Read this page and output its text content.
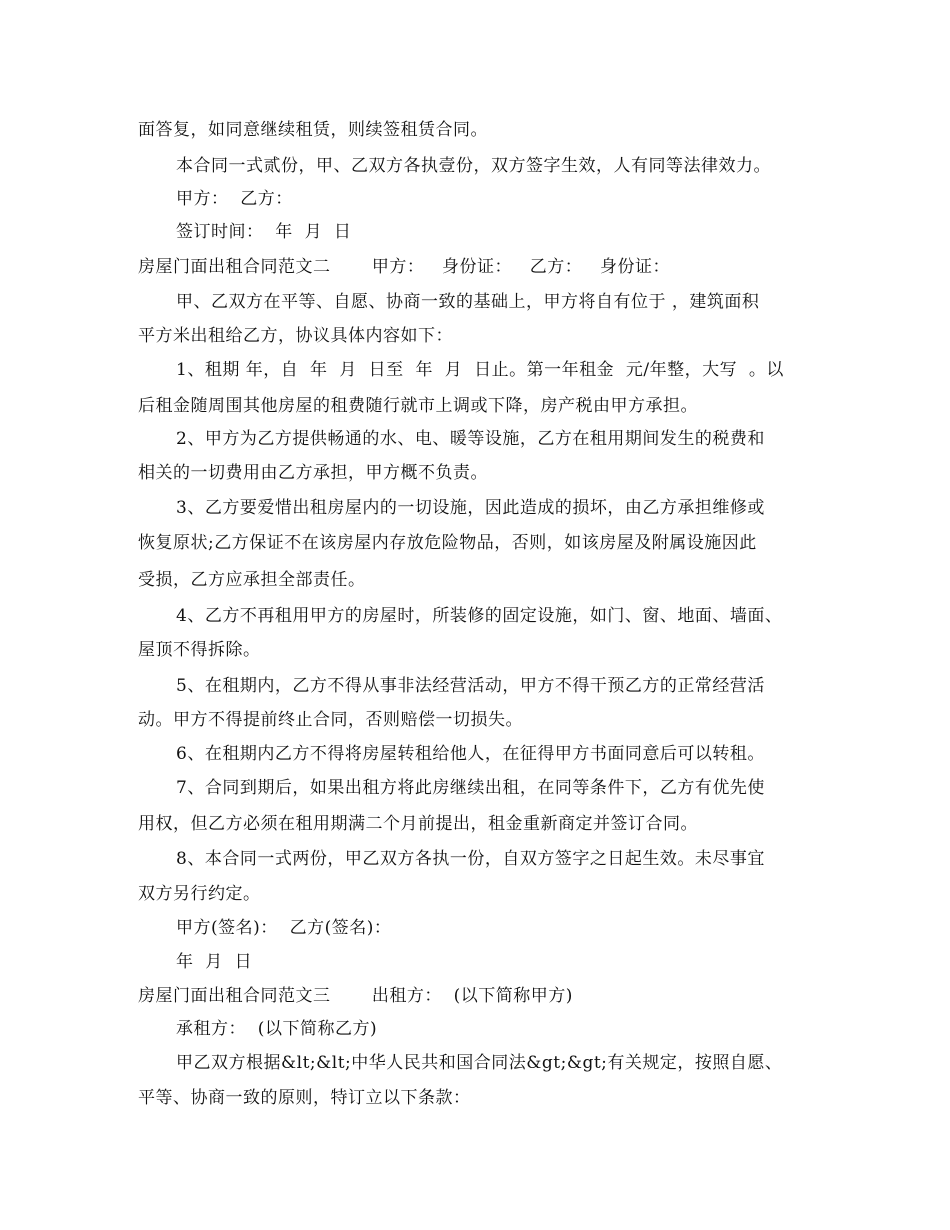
面答复，如同意继续租赁，则续签租赁合同。
本合同一式贰份，甲、乙双方各执壹份，双方签字生效，人有同等法律效力。
甲方：  乙方：
签订时间：  年  月  日
房屋门面出租合同范文二       甲方：   身份证：   乙方：   身份证：
甲、乙双方在平等、自愿、协商一致的基础上，甲方将自有位于 ，建筑面积
平方米出租给乙方，协议具体内容如下：
1、租期 年，自  年  月  日至  年  月  日止。第一年租金  元/年整，大写  。以
后租金随周围其他房屋的租费随行就市上调或下降，房产税由甲方承担。
2、甲方为乙方提供畅通的水、电、暖等设施，乙方在租用期间发生的税费和
相关的一切费用由乙方承担，甲方概不负责。
3、乙方要爱惜出租房屋内的一切设施，因此造成的损坏，由乙方承担维修或
恢复原状;乙方保证不在该房屋内存放危险物品，否则，如该房屋及附属设施因此
受损，乙方应承担全部责任。
4、乙方不再租用甲方的房屋时，所装修的固定设施，如门、窗、地面、墙面、
屋顶不得拆除。
5、在租期内，乙方不得从事非法经营活动，甲方不得干预乙方的正常经营活
动。甲方不得提前终止合同，否则赔偿一切损失。
6、在租期内乙方不得将房屋转租给他人，在征得甲方书面同意后可以转租。
7、合同到期后，如果出租方将此房继续出租，在同等条件下，乙方有优先使
用权，但乙方必须在租用期满二个月前提出，租金重新商定并签订合同。
8、本合同一式两份，甲乙双方各执一份，自双方签字之日起生效。未尽事宜
双方另行约定。
甲方(签名)：  乙方(签名)：
年  月  日
房屋门面出租合同范文三       出租方：  (以下简称甲方)
承租方：  (以下简称乙方)
甲乙双方根据&lt;&lt;中华人民共和国合同法&gt;&gt;有关规定，按照自愿、
平等、协商一致的原则，特订立以下条款：
